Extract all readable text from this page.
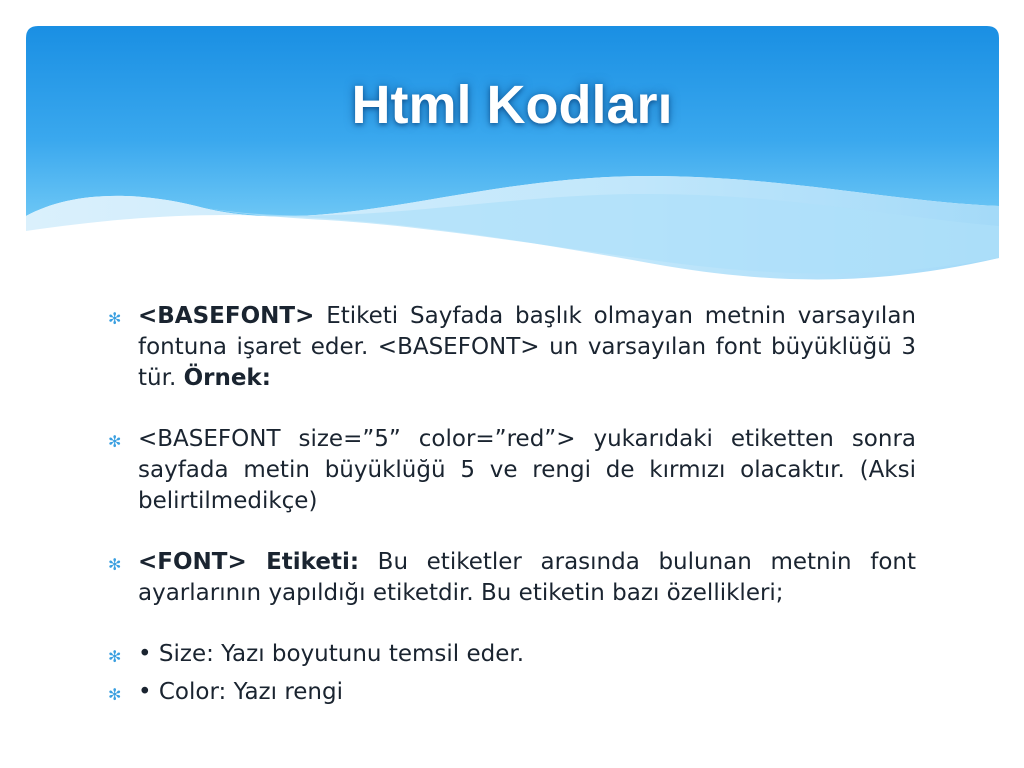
Html Kodları
✻ <BASEFONT> Etiketi Sayfada başlık olmayan metnin varsayılan fontuna işaret eder. <BASEFONT> un varsayılan font büyüklüğü 3 tür. Örnek:
✻ <BASEFONT size=”5” color=”red”> yukarıdaki etiketten sonra sayfada metin büyüklüğü 5 ve rengi de kırmızı olacaktır. (Aksi belirtilmedikçe)
✻ <FONT> Etiketi: Bu etiketler arasında bulunan metnin font ayarlarının yapıldığı etiketdir. Bu etiketin bazı özellikleri;
✻ • Size: Yazı boyutunu temsil eder.
✻ • Color: Yazı rengi
